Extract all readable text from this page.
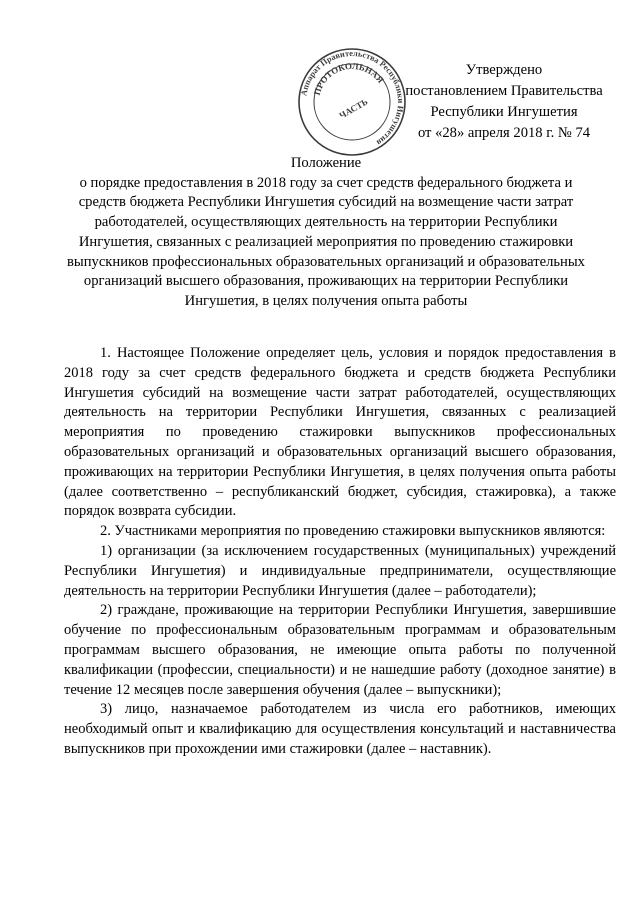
Аппарат Правительства Республики Ингушетия
ПРОТОКОЛЬНАЯ
ЧАСТЬ
Утверждено
постановлением Правительства
Республики Ингушетия
от «28» апреля 2018 г. № 74
Положение
о порядке предоставления в 2018 году за счет средств федерального бюджета и
средств бюджета Республики Ингушетия субсидий на возмещение части затрат
работодателей, осуществляющих деятельность на территории Республики
Ингушетия, связанных с реализацией мероприятия по проведению стажировки
выпускников профессиональных образовательных организаций и образовательных
организаций высшего образования, проживающих на территории Республики
Ингушетия, в целях получения опыта работы

1. Настоящее Положение определяет цель, условия и порядок предоставления в 2018 году за счет средств федерального бюджета и средств бюджета Республики Ингушетия субсидий на возмещение части затрат работодателей, осуществляющих деятельность на территории Республики Ингушетия, связанных с реализацией мероприятия по проведению стажировки выпускников профессиональных образовательных организаций и образовательных организаций высшего образования, проживающих на территории Республики Ингушетия, в целях получения опыта работы (далее соответственно – республиканский бюджет, субсидия, стажировка), а также порядок возврата субсидии.

2. Участниками мероприятия по проведению стажировки выпускников являются:

1) организации (за исключением государственных (муниципальных) учреждений Республики Ингушетия) и индивидуальные предприниматели, осуществляющие деятельность на территории Республики Ингушетия (далее – работодатели);

2) граждане, проживающие на территории Республики Ингушетия, завершившие обучение по профессиональным образовательным программам и образовательным программам высшего образования, не имеющие опыта работы по полученной квалификации (профессии, специальности) и не нашедшие работу (доходное занятие) в течение 12 месяцев после завершения обучения (далее – выпускники);

3) лицо, назначаемое работодателем из числа его работников, имеющих необходимый опыт и квалификацию для осуществления консультаций и наставничества выпускников при прохождении ими стажировки (далее – наставник).
